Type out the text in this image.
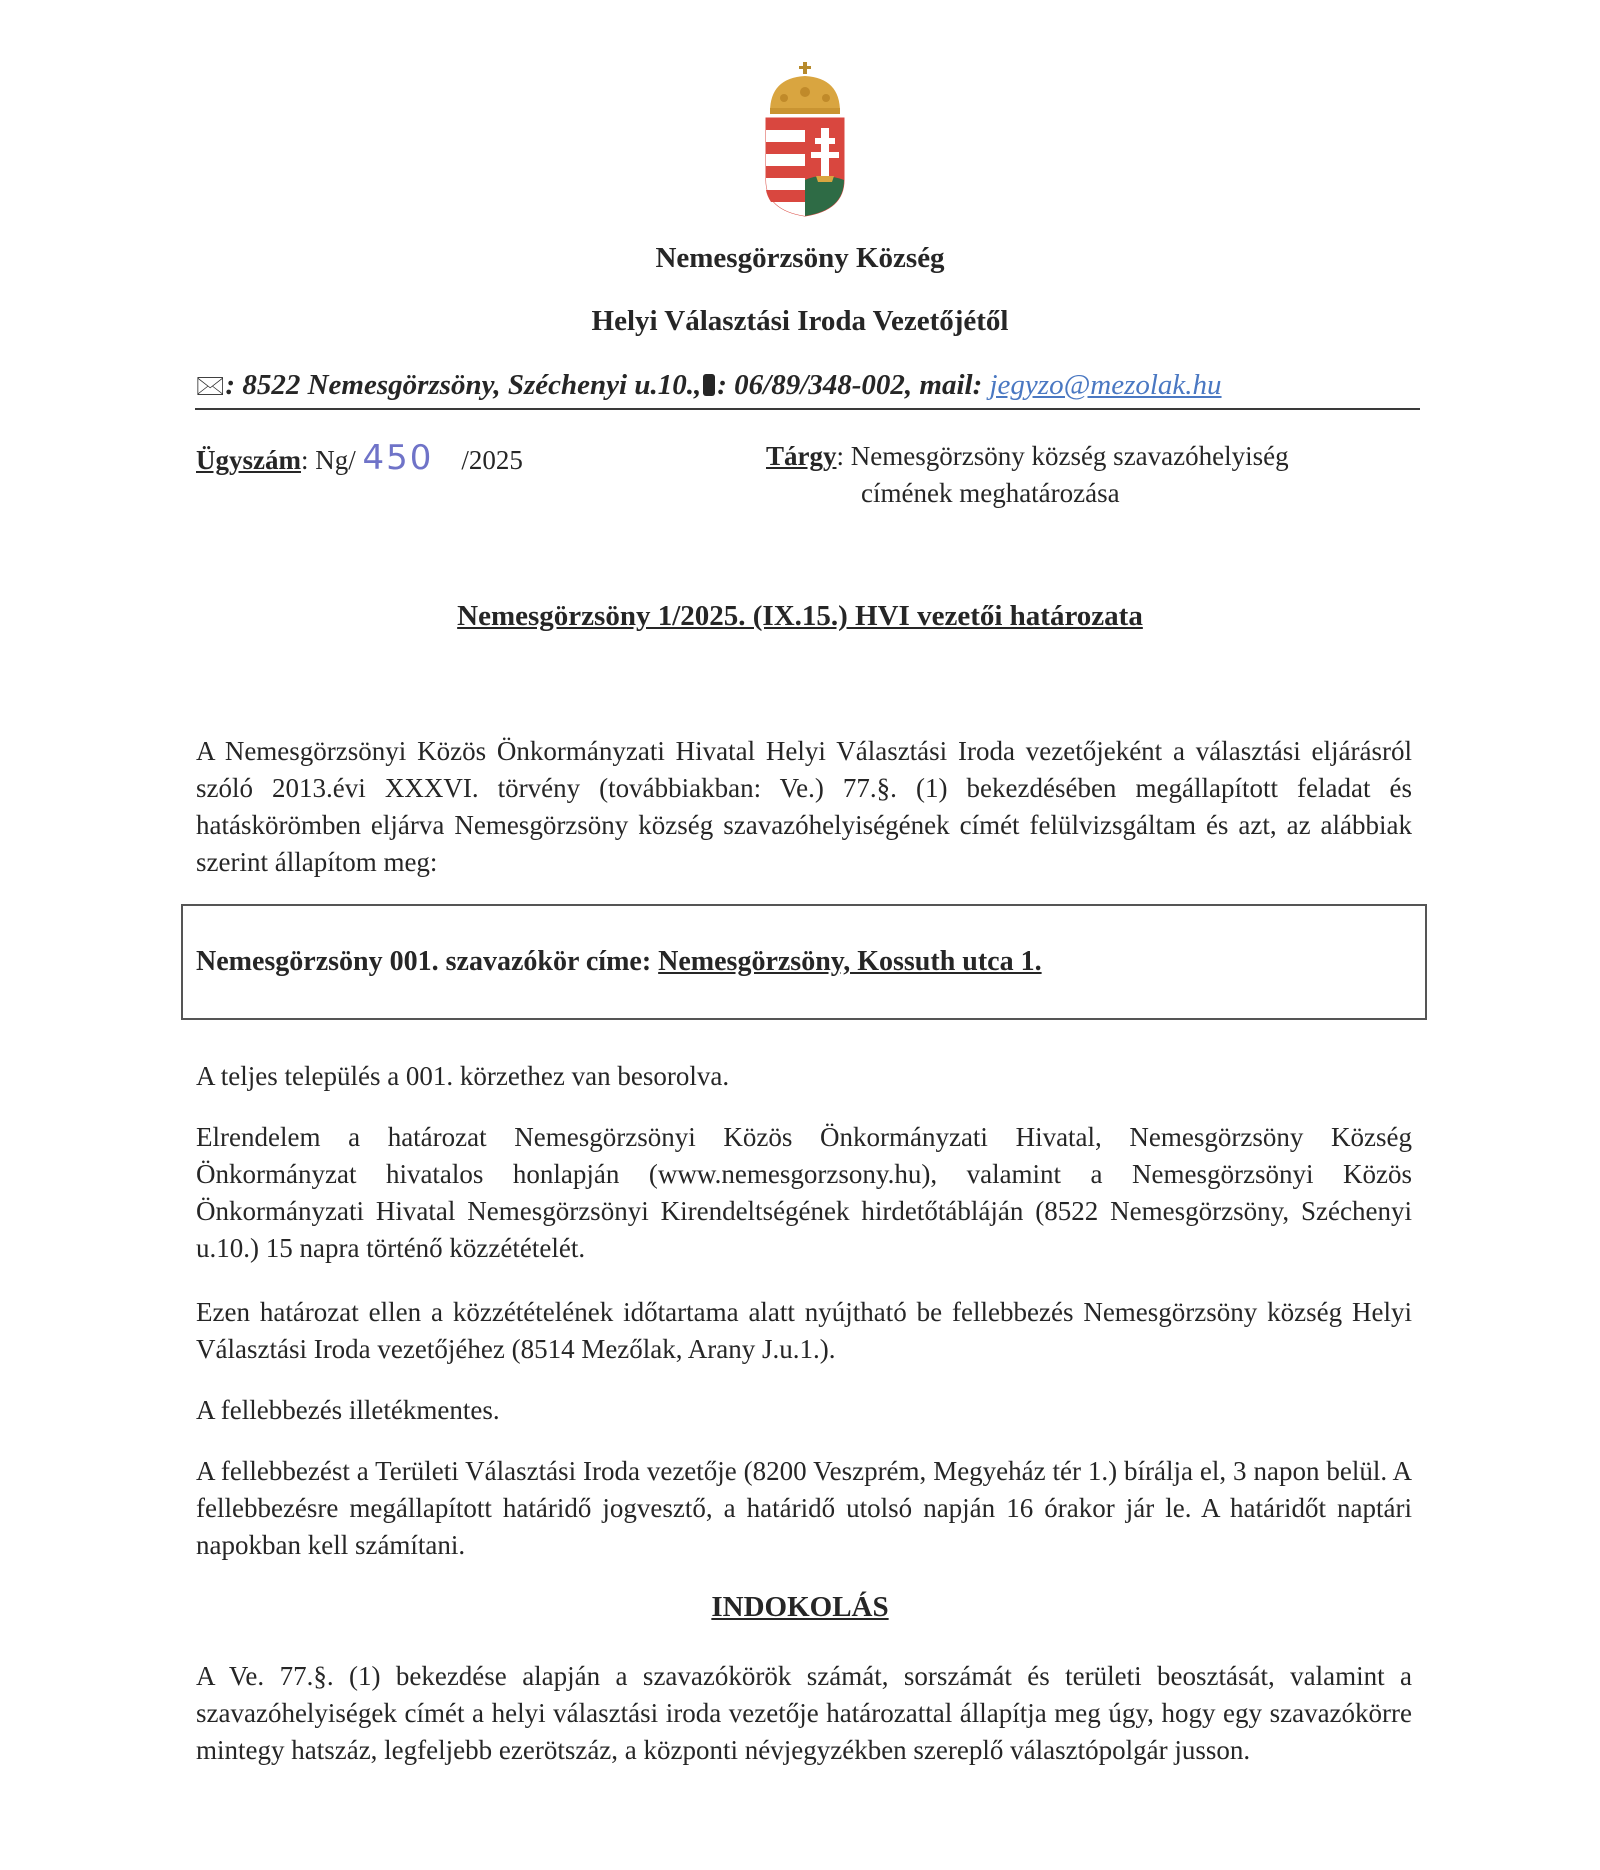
Nemesgörzsöny Község
Helyi Választási Iroda Vezetőjétől
🖂: 8522 Nemesgörzsöny, Széchenyi u.10., : 06/89/348-002, mail: jegyzo@mezolak.hu
Ügyszám: Ng/ 450 /2025	Tárgy: Nemesgörzsöny község szavazóhelyiség
címének meghatározása
Nemesgörzsöny 1/2025. (IX.15.) HVI vezetői határozata
A Nemesgörzsönyi Közös Önkormányzati Hivatal Helyi Választási Iroda vezetőjeként a választási eljárásról szóló 2013.évi XXXVI. törvény (továbbiakban: Ve.) 77.§. (1) bekezdésében megállapított feladat és hatáskörömben eljárva Nemesgörzsöny község szavazóhelyiségének címét felülvizsgáltam és azt, az alábbiak szerint állapítom meg:
Nemesgörzsöny 001. szavazókör címe: Nemesgörzsöny, Kossuth utca 1.
A teljes település a 001. körzethez van besorolva.
Elrendelem a határozat Nemesgörzsönyi Közös Önkormányzati Hivatal, Nemesgörzsöny Község Önkormányzat hivatalos honlapján (www.nemesgorzsony.hu), valamint a Nemesgörzsönyi Közös Önkormányzati Hivatal Nemesgörzsönyi Kirendeltségének hirdetőtábláján (8522 Nemesgörzsöny, Széchenyi u.10.) 15 napra történő közzétételét.
Ezen határozat ellen a közzétételének időtartama alatt nyújtható be fellebbezés Nemesgörzsöny község Helyi Választási Iroda vezetőjéhez (8514 Mezőlak, Arany J.u.1.).
A fellebbezés illetékmentes.
A fellebbezést a Területi Választási Iroda vezetője (8200 Veszprém, Megyeház tér 1.) bírálja el, 3 napon belül. A fellebbezésre megállapított határidő jogvesztő, a határidő utolsó napján 16 órakor jár le. A határidőt naptári napokban kell számítani.
INDOKOLÁS
A Ve. 77.§. (1) bekezdése alapján a szavazókörök számát, sorszámát és területi beosztását, valamint a szavazóhelyiségek címét a helyi választási iroda vezetője határozattal állapítja meg úgy, hogy egy szavazókörre mintegy hatszáz, legfeljebb ezerötszáz, a központi névjegyzékben szereplő választópolgár jusson.
